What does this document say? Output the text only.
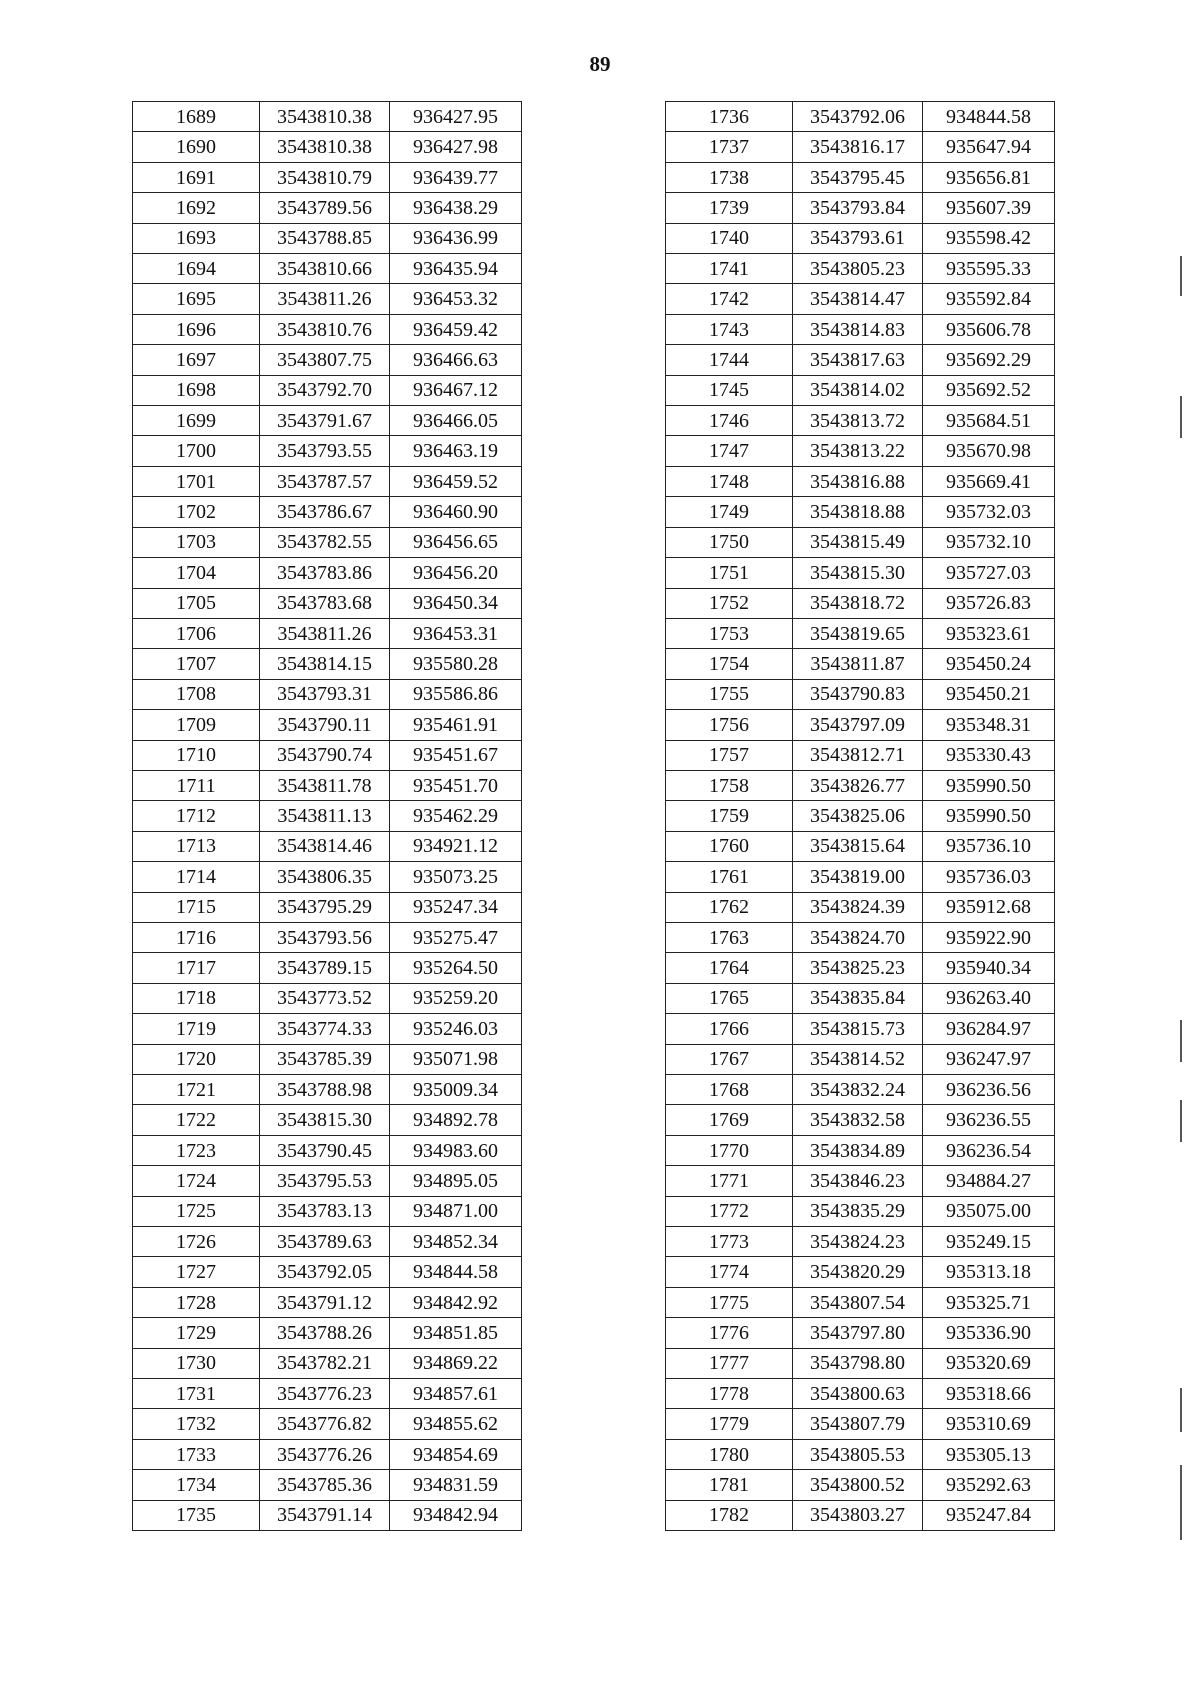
89
1689	3543810.38	936427.95
1690	3543810.38	936427.98
1691	3543810.79	936439.77
1692	3543789.56	936438.29
1693	3543788.85	936436.99
1694	3543810.66	936435.94
1695	3543811.26	936453.32
1696	3543810.76	936459.42
1697	3543807.75	936466.63
1698	3543792.70	936467.12
1699	3543791.67	936466.05
1700	3543793.55	936463.19
1701	3543787.57	936459.52
1702	3543786.67	936460.90
1703	3543782.55	936456.65
1704	3543783.86	936456.20
1705	3543783.68	936450.34
1706	3543811.26	936453.31
1707	3543814.15	935580.28
1708	3543793.31	935586.86
1709	3543790.11	935461.91
1710	3543790.74	935451.67
1711	3543811.78	935451.70
1712	3543811.13	935462.29
1713	3543814.46	934921.12
1714	3543806.35	935073.25
1715	3543795.29	935247.34
1716	3543793.56	935275.47
1717	3543789.15	935264.50
1718	3543773.52	935259.20
1719	3543774.33	935246.03
1720	3543785.39	935071.98
1721	3543788.98	935009.34
1722	3543815.30	934892.78
1723	3543790.45	934983.60
1724	3543795.53	934895.05
1725	3543783.13	934871.00
1726	3543789.63	934852.34
1727	3543792.05	934844.58
1728	3543791.12	934842.92
1729	3543788.26	934851.85
1730	3543782.21	934869.22
1731	3543776.23	934857.61
1732	3543776.82	934855.62
1733	3543776.26	934854.69
1734	3543785.36	934831.59
1735	3543791.14	934842.94
1736	3543792.06	934844.58
1737	3543816.17	935647.94
1738	3543795.45	935656.81
1739	3543793.84	935607.39
1740	3543793.61	935598.42
1741	3543805.23	935595.33
1742	3543814.47	935592.84
1743	3543814.83	935606.78
1744	3543817.63	935692.29
1745	3543814.02	935692.52
1746	3543813.72	935684.51
1747	3543813.22	935670.98
1748	3543816.88	935669.41
1749	3543818.88	935732.03
1750	3543815.49	935732.10
1751	3543815.30	935727.03
1752	3543818.72	935726.83
1753	3543819.65	935323.61
1754	3543811.87	935450.24
1755	3543790.83	935450.21
1756	3543797.09	935348.31
1757	3543812.71	935330.43
1758	3543826.77	935990.50
1759	3543825.06	935990.50
1760	3543815.64	935736.10
1761	3543819.00	935736.03
1762	3543824.39	935912.68
1763	3543824.70	935922.90
1764	3543825.23	935940.34
1765	3543835.84	936263.40
1766	3543815.73	936284.97
1767	3543814.52	936247.97
1768	3543832.24	936236.56
1769	3543832.58	936236.55
1770	3543834.89	936236.54
1771	3543846.23	934884.27
1772	3543835.29	935075.00
1773	3543824.23	935249.15
1774	3543820.29	935313.18
1775	3543807.54	935325.71
1776	3543797.80	935336.90
1777	3543798.80	935320.69
1778	3543800.63	935318.66
1779	3543807.79	935310.69
1780	3543805.53	935305.13
1781	3543800.52	935292.63
1782	3543803.27	935247.84
